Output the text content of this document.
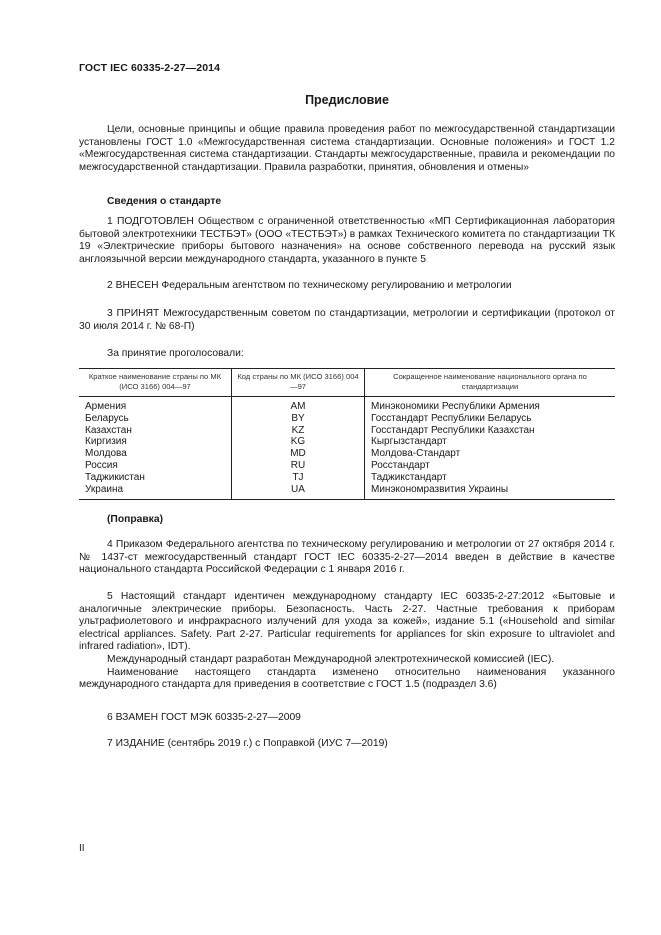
ГОСТ IEC 60335-2-27—2014
Предисловие

Цели, основные принципы и общие правила проведения работ по межгосударственной стандартизации установлены ГОСТ 1.0 «Межгосударственная система стандартизации. Основные положения» и ГОСТ 1.2 «Межгосударственная система стандартизации. Стандарты межгосударственные, правила и рекомендации по межгосударственной стандартизации. Правила разработки, принятия, обновления и отмены»

Сведения о стандарте

1 ПОДГОТОВЛЕН Обществом с ограниченной ответственностью «МП Сертификационная лаборатория бытовой электротехники ТЕСТБЭТ» (ООО «ТЕСТБЭТ») в рамках Технического комитета по стандартизации ТК 19 «Электрические приборы бытового назначения» на основе собственного перевода на русский язык англоязычной версии международного стандарта, указанного в пункте 5

2 ВНЕСЕН Федеральным агентством по техническому регулированию и метрологии

3 ПРИНЯТ Межгосударственным советом по стандартизации, метрологии и сертификации (протокол от 30 июля 2014 г. № 68-П)

За принятие проголосовали:

Краткое наименование страны по МК (ИСО 3166) 004—97	Код страны по МК (ИСО 3166) 004—97	Сокращенное наименование национального органа по стандартизации
Армения	AM	Минэкономики Республики Армения
Беларусь	BY	Госстандарт Республики Беларусь
Казахстан	KZ	Госстандарт Республики Казахстан
Киргизия	KG	Кыргызстандарт
Молдова	MD	Молдова-Стандарт
Россия	RU	Росстандарт
Таджикистан	TJ	Таджикстандарт
Украина	UA	Минэкономразвития Украины

(Поправка)

4 Приказом Федерального агентства по техническому регулированию и метрологии от 27 октября 2014 г. № 1437-ст межгосударственный стандарт ГОСТ IEC 60335-2-27—2014 введен в действие в качестве национального стандарта Российской Федерации с 1 января 2016 г.

5 Настоящий стандарт идентичен международному стандарту IEC 60335-2-27:2012 «Бытовые и аналогичные электрические приборы. Безопасность. Часть 2-27. Частные требования к приборам ультрафиолетового и инфракрасного излучений для ухода за кожей», издание 5.1 («Household and similar electrical appliances. Safety. Part 2-27. Particular requirements for appliances for skin exposure to ultraviolet and infrared radiation», IDT).

Международный стандарт разработан Международной электротехнической комиссией (IEC).

Наименование настоящего стандарта изменено относительно наименования указанного международного стандарта для приведения в соответствие с ГОСТ 1.5 (подраздел 3.6)

6 ВЗАМЕН ГОСТ МЭК 60335-2-27—2009

7 ИЗДАНИЕ (сентябрь 2019 г.) с Поправкой (ИУС 7—2019)

II
